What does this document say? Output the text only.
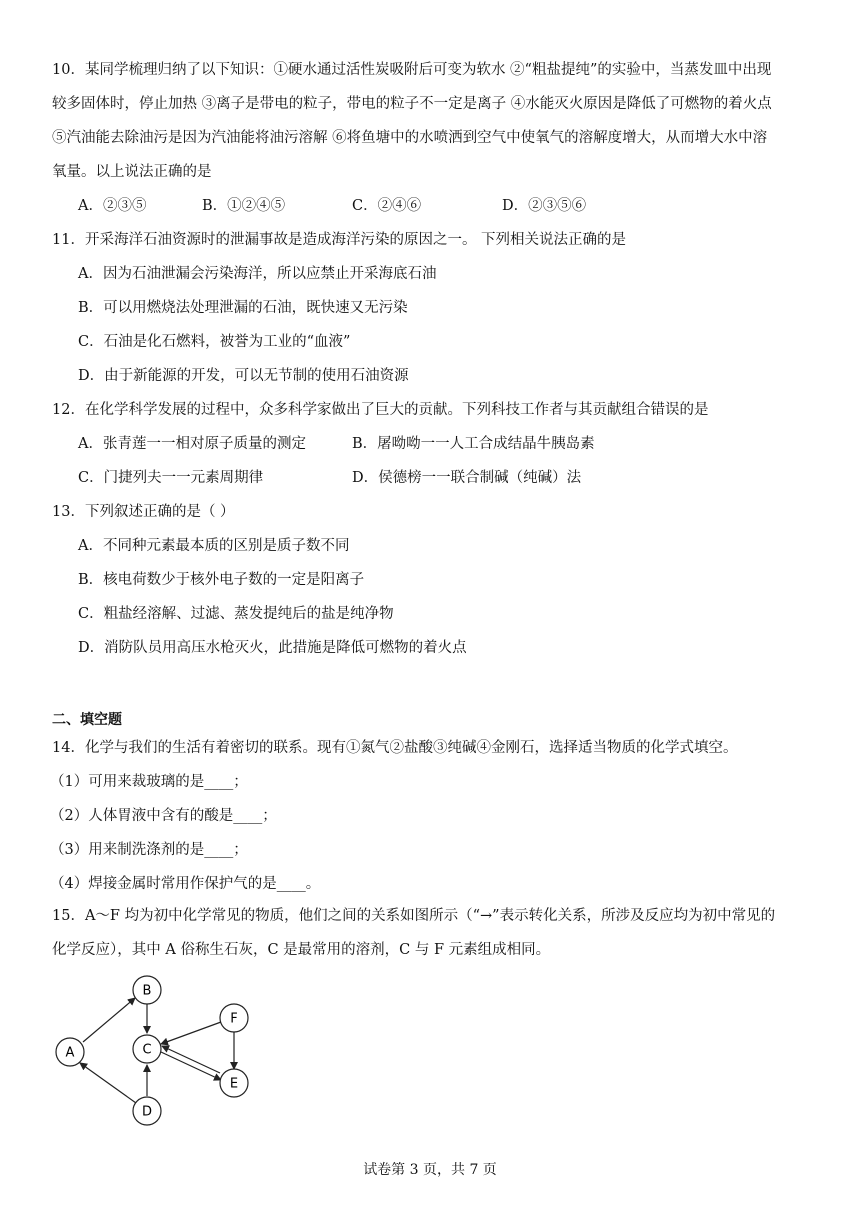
10．某同学梳理归纳了以下知识：①硬水通过活性炭吸附后可变为软水 ②“粗盐提纯”的实验中，当蒸发皿中出现
较多固体时，停止加热 ③离子是带电的粒子，带电的粒子不一定是离子 ④水能灭火原因是降低了可燃物的着火点
⑤汽油能去除油污是因为汽油能将油污溶解 ⑥将鱼塘中的水喷洒到空气中使氧气的溶解度增大，从而增大水中溶
氧量。以上说法正确的是
A．②③⑤	B．①②④⑤	C．②④⑥	D．②③⑤⑥
11．开采海洋石油资源时的泄漏事故是造成海洋污染的原因之一。 下列相关说法正确的是
A．因为石油泄漏会污染海洋，所以应禁止开采海底石油
B．可以用燃烧法处理泄漏的石油，既快速又无污染
C．石油是化石燃料，被誉为工业的“血液”
D．由于新能源的开发，可以无节制的使用石油资源
12．在化学科学发展的过程中，众多科学家做出了巨大的贡献。下列科技工作者与其贡献组合错误的是
A．张青莲一一相对原子质量的测定	B．屠呦呦一一人工合成结晶牛胰岛素
C．门捷列夫一一元素周期律	D．侯德榜一一联合制碱（纯碱）法
13．下列叙述正确的是（ ）
A．不同种元素最本质的区别是质子数不同
B．核电荷数少于核外电子数的一定是阳离子
C．粗盐经溶解、过滤、蒸发提纯后的盐是纯净物
D．消防队员用高压水枪灭火，此措施是降低可燃物的着火点
二、填空题
14．化学与我们的生活有着密切的联系。现有①氮气②盐酸③纯碱④金刚石，选择适当物质的化学式填空。
（1）可用来裁玻璃的是____；
（2）人体胃液中含有的酸是____；
（3）用来制洗涤剂的是____；
（4）焊接金属时常用作保护气的是____。
15．A～F 均为初中化学常见的物质，他们之间的关系如图所示（“→”表示转化关系，所涉及反应均为初中常见的
化学反应），其中 A 俗称生石灰，C 是最常用的溶剂，C 与 F 元素组成相同。
A
B
C
D
E
F
试卷第 3 页，共 7 页
